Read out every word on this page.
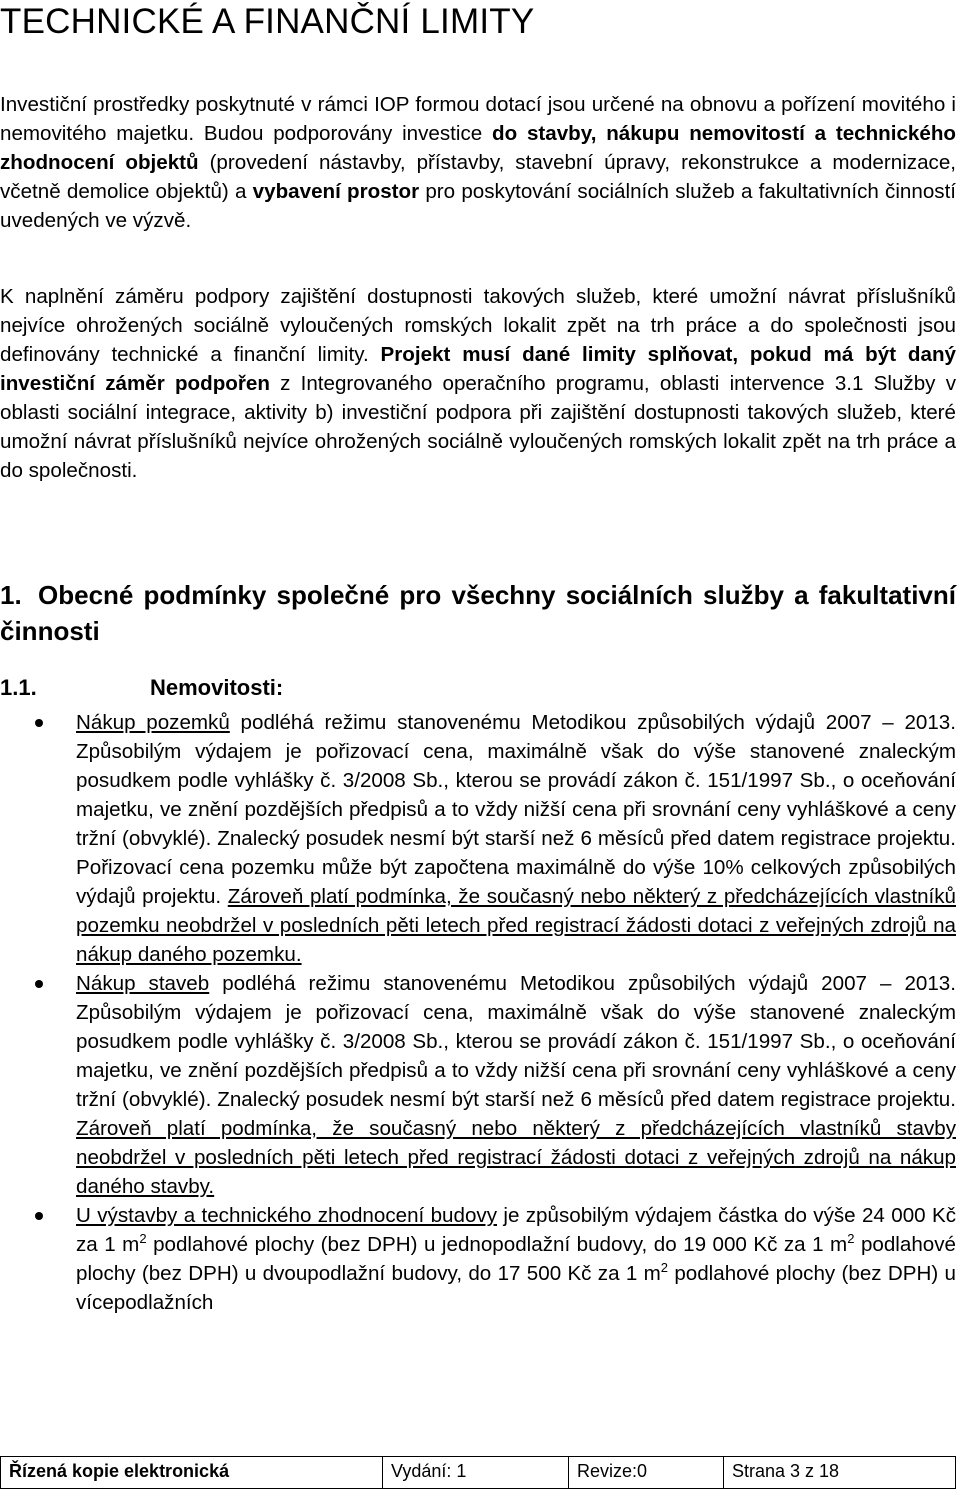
TECHNICKÉ A FINANČNÍ LIMITY

Investiční prostředky poskytnuté v rámci IOP formou dotací jsou určené na obnovu a pořízení movitého i nemovitého majetku. Budou podporovány investice do stavby, nákupu nemovitostí a technického zhodnocení objektů (provedení nástavby, přístavby, stavební úpravy, rekonstrukce a modernizace, včetně demolice objektů) a vybavení prostor pro poskytování sociálních služeb a fakultativních činností uvedených ve výzvě.

K naplnění záměru podpory zajištění dostupnosti takových služeb, které umožní návrat příslušníků nejvíce ohrožených sociálně vyloučených romských lokalit zpět na trh práce a do společnosti jsou definovány technické a finanční limity. Projekt musí dané limity splňovat, pokud má být daný investiční záměr podpořen z Integrovaného operačního programu, oblasti intervence 3.1 Služby v oblasti sociální integrace, aktivity b) investiční podpora při zajištění dostupnosti takových služeb, které umožní návrat příslušníků nejvíce ohrožených sociálně vyloučených romských lokalit zpět na trh práce a do společnosti.

1. Obecné podmínky společné pro všechny sociálních služby a fakultativní činnosti
1.1.	Nemovitosti:
Nákup pozemků podléhá režimu stanovenému Metodikou způsobilých výdajů 2007 – 2013. Způsobilým výdajem je pořizovací cena, maximálně však do výše stanovené znaleckým posudkem podle vyhlášky č. 3/2008 Sb., kterou se provádí zákon č. 151/1997 Sb., o oceňování majetku, ve znění pozdějších předpisů a to vždy nižší cena při srovnání ceny vyhláškové a ceny tržní (obvyklé). Znalecký posudek nesmí být starší než 6 měsíců před datem registrace projektu. Pořizovací cena pozemku může být započtena maximálně do výše 10% celkových způsobilých výdajů projektu. Zároveň platí podmínka, že současný nebo některý z předcházejících vlastníků pozemku neobdržel v posledních pěti letech před registrací žádosti dotaci z veřejných zdrojů na nákup daného pozemku.
Nákup staveb podléhá režimu stanovenému Metodikou způsobilých výdajů 2007 – 2013. Způsobilým výdajem je pořizovací cena, maximálně však do výše stanovené znaleckým posudkem podle vyhlášky č. 3/2008 Sb., kterou se provádí zákon č. 151/1997 Sb., o oceňování majetku, ve znění pozdějších předpisů a to vždy nižší cena při srovnání ceny vyhláškové a ceny tržní (obvyklé). Znalecký posudek nesmí být starší než 6 měsíců před datem registrace projektu. Zároveň platí podmínka, že současný nebo některý z předcházejících vlastníků stavby neobdržel v posledních pěti letech před registrací žádosti dotaci z veřejných zdrojů na nákup daného stavby.
U výstavby a technického zhodnocení budovy je způsobilým výdajem částka do výše 24 000 Kč za 1 $m^2$ podlahové plochy (bez DPH) u jednopodlažní budovy, do 19 000 Kč za 1 $m^2$ podlahové plochy (bez DPH) u dvoupodlažní budovy, do 17 500 Kč za 1 $m^2$ podlahové plochy (bez DPH) u vícepodlažních
Řízená kopie elektronická	Vydání: 1	Revize:0	Strana 3 z 18
